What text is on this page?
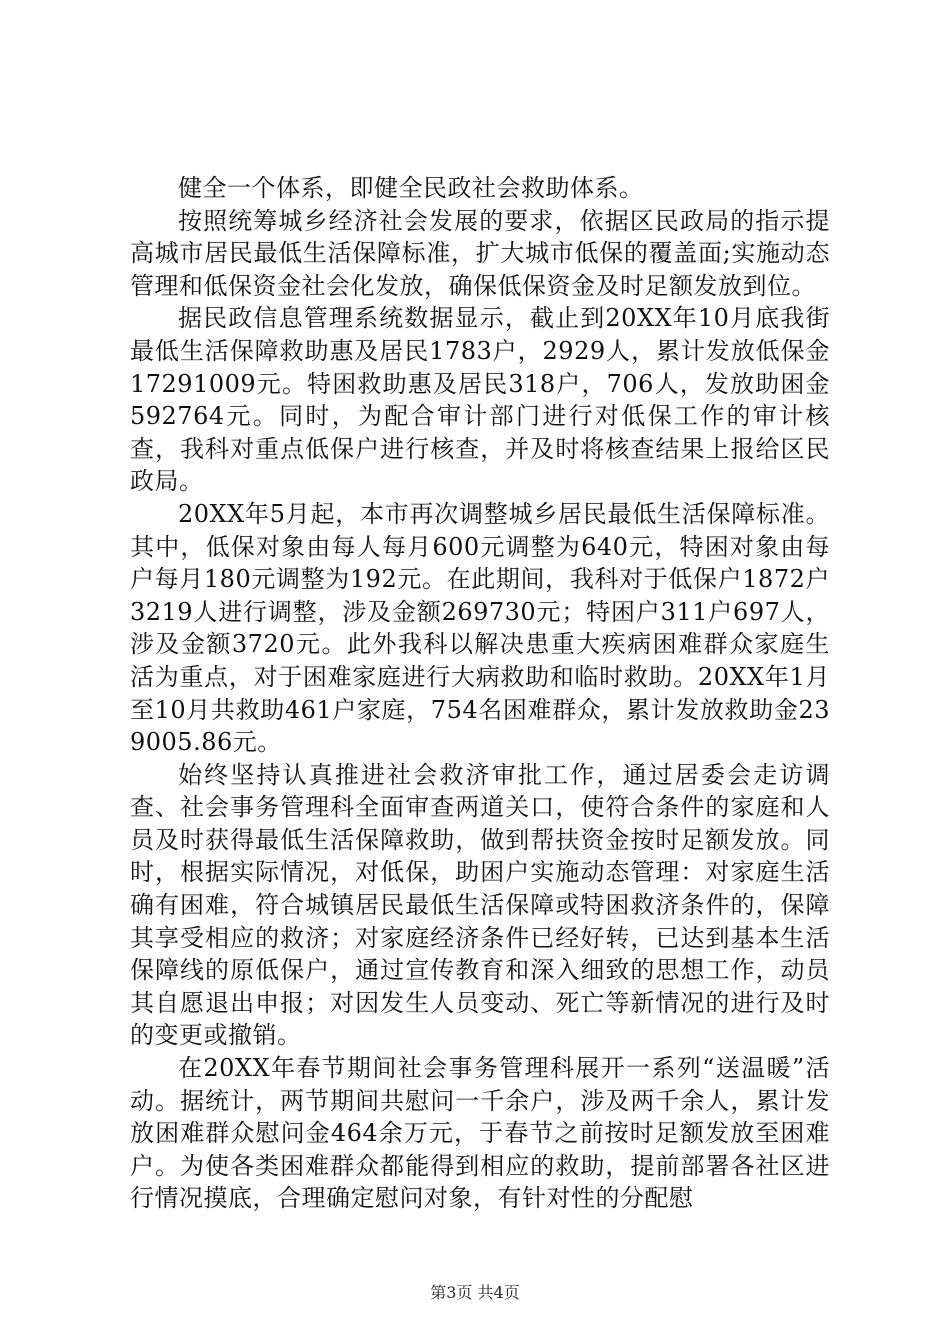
健全一个体系，即健全民政社会救助体系。

按照统筹城乡经济社会发展的要求，依据区民政局的指示提高城市居民最低生活保障标准，扩大城市低保的覆盖面;实施动态管理和低保资金社会化发放，确保低保资金及时足额发放到位。

据民政信息管理系统数据显示，截止到20XX年10月底我街最低生活保障救助惠及居民1783户，2929人，累计发放低保金17291009元。特困救助惠及居民318户，706人，发放助困金592764元。同时，为配合审计部门进行对低保工作的审计核查，我科对重点低保户进行核查，并及时将核查结果上报给区民政局。

20XX年5月起，本市再次调整城乡居民最低生活保障标准。其中，低保对象由每人每月600元调整为640元，特困对象由每户每月180元调整为192元。在此期间，我科对于低保户1872户3219人进行调整，涉及金额269730元；特困户311户697人，涉及金额3720元。此外我科以解决患重大疾病困难群众家庭生活为重点，对于困难家庭进行大病救助和临时救助。20XX年1月至10月共救助461户家庭，754名困难群众，累计发放救助金239005.86元。

始终坚持认真推进社会救济审批工作，通过居委会走访调查、社会事务管理科全面审查两道关口，使符合条件的家庭和人员及时获得最低生活保障救助，做到帮扶资金按时足额发放。同时，根据实际情况，对低保，助困户实施动态管理：对家庭生活确有困难，符合城镇居民最低生活保障或特困救济条件的，保障其享受相应的救济；对家庭经济条件已经好转，已达到基本生活保障线的原低保户，通过宣传教育和深入细致的思想工作，动员其自愿退出申报；对因发生人员变动、死亡等新情况的进行及时的变更或撤销。

在20XX年春节期间社会事务管理科展开一系列“送温暖”活动。据统计，两节期间共慰问一千余户，涉及两千余人，累计发放困难群众慰问金464余万元，于春节之前按时足额发放至困难户。为使各类困难群众都能得到相应的救助，提前部署各社区进行情况摸底，合理确定慰问对象，有针对性的分配慰

第3页 共4页
